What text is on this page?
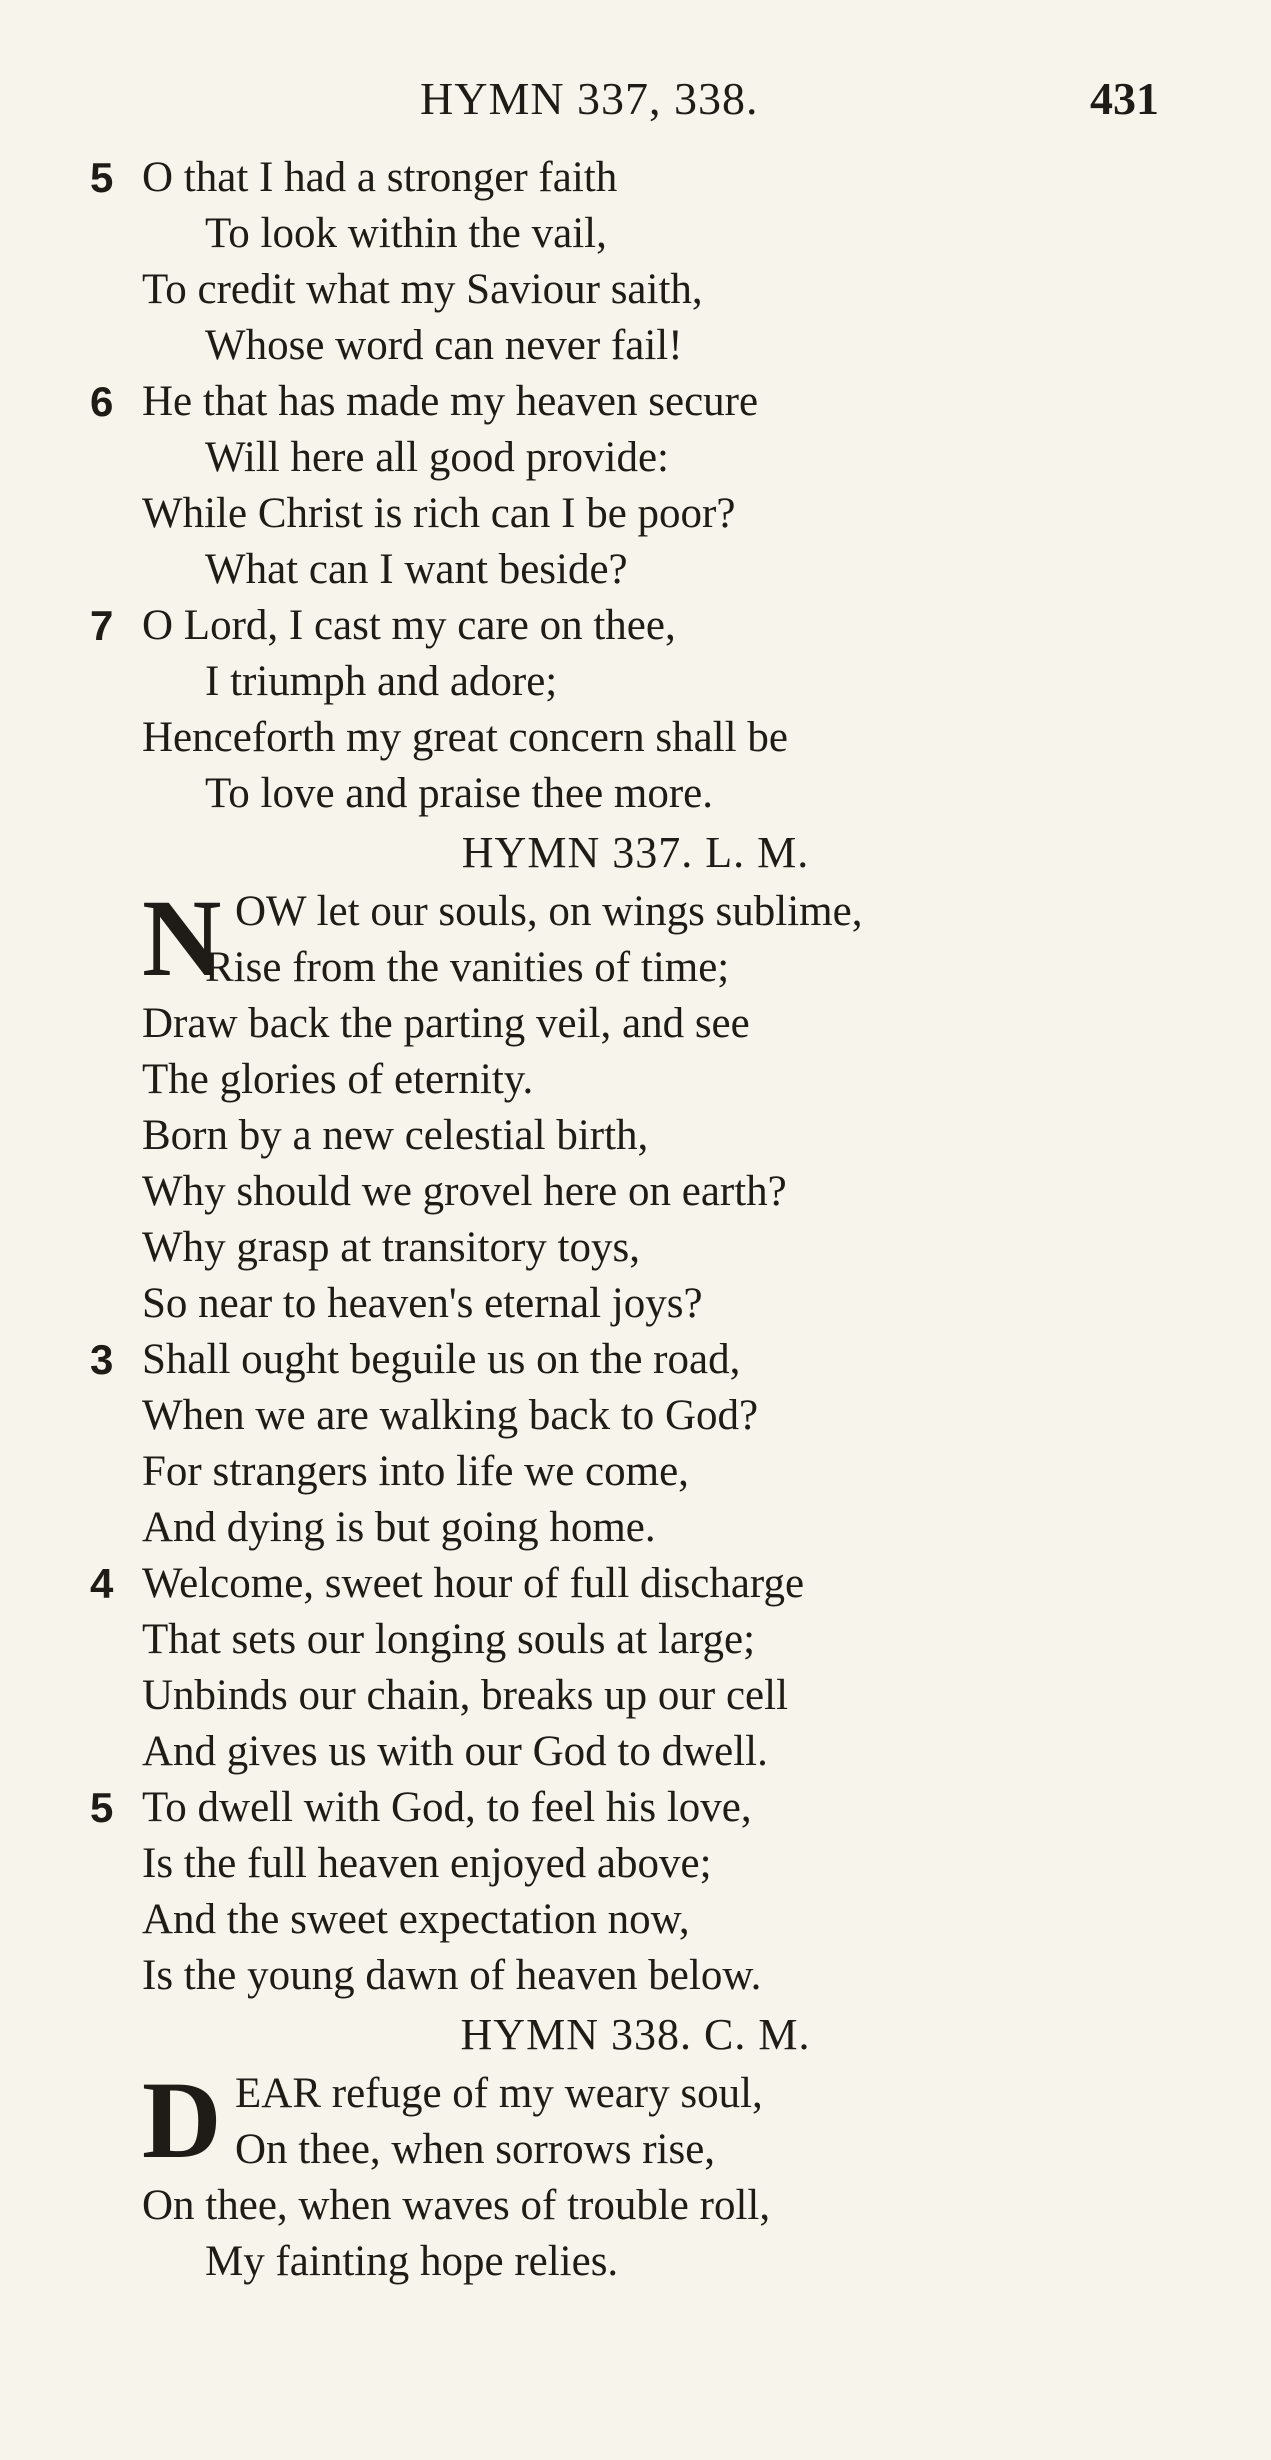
HYMN 337, 338.	431
5 O that I had a stronger faith
To look within the vail,
To credit what my Saviour saith,
Whose word can never fail!
6 He that has made my heaven secure
Will here all good provide:
While Christ is rich can I be poor?
What can I want beside?
7 O Lord, I cast my care on thee,
I triumph and adore;
Henceforth my great concern shall be
To love and praise thee more.
HYMN 337. L. M.
N OW let our souls, on wings sublime,
Rise from the vanities of time;
Draw back the parting veil, and see
The glories of eternity.
Born by a new celestial birth,
Why should we grovel here on earth?
Why grasp at transitory toys,
So near to heaven's eternal joys?
3 Shall ought beguile us on the road,
When we are walking back to God?
For strangers into life we come,
And dying is but going home.
4 Welcome, sweet hour of full discharge
That sets our longing souls at large;
Unbinds our chain, breaks up our cell
And gives us with our God to dwell.
5 To dwell with God, to feel his love,
Is the full heaven enjoyed above;
And the sweet expectation now,
Is the young dawn of heaven below.
HYMN 338. C. M.
D EAR refuge of my weary soul,
On thee, when sorrows rise,
On thee, when waves of trouble roll,
My fainting hope relies.
